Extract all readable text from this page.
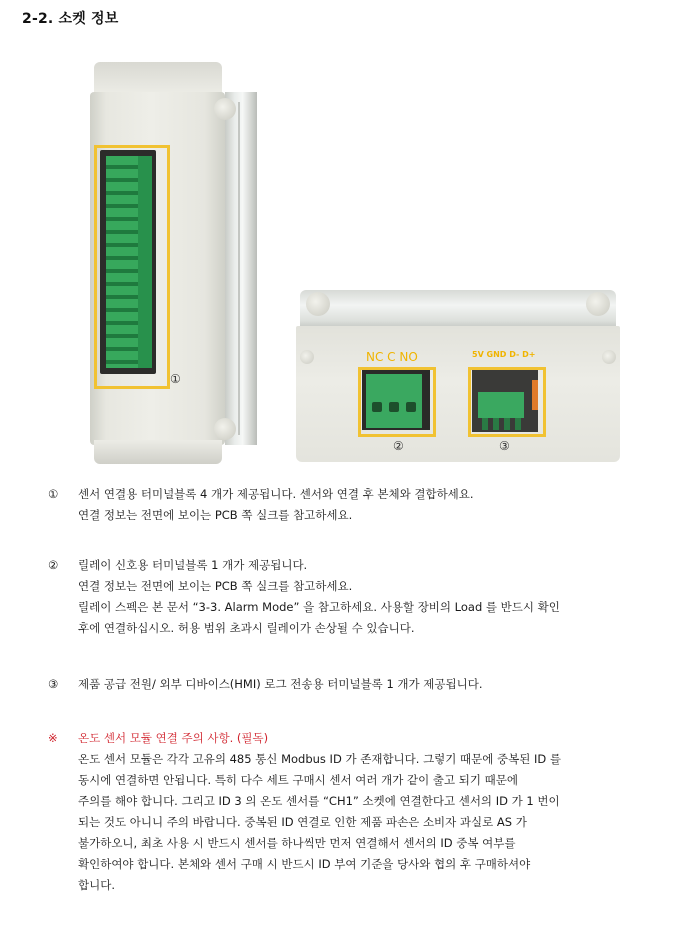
2-2. 소켓 정보
①
NC C NO	5V GND D- D+
②	③
① 센서 연결용 터미널블록 4 개가 제공됩니다. 센서와 연결 후 본체와 결합하세요.
연결 정보는 전면에 보이는 PCB 쪽 실크를 참고하세요.
② 릴레이 신호용 터미널블록 1 개가 제공됩니다.
연결 정보는 전면에 보이는 PCB 쪽 실크를 참고하세요.
릴레이 스펙은 본 문서 “3-3. Alarm Mode” 을 참고하세요. 사용할 장비의 Load 를 반드시 확인
후에 연결하십시오. 허용 범위 초과시 릴레이가 손상될 수 있습니다.
③ 제품 공급 전원/ 외부 디바이스(HMI) 로그 전송용 터미널블록 1 개가 제공됩니다.
※ 온도 센서 모듈 연결 주의 사항. (필독)
온도 센서 모듈은 각각 고유의 485 통신 Modbus ID 가 존재합니다. 그렇기 때문에 중복된 ID 를
동시에 연결하면 안됩니다. 특히 다수 세트 구매시 센서 여러 개가 같이 출고 되기 때문에
주의를 해야 합니다. 그리고 ID 3 의 온도 센서를 “CH1” 소켓에 연결한다고 센서의 ID 가 1 번이
되는 것도 아니니 주의 바랍니다. 중복된 ID 연결로 인한 제품 파손은 소비자 과실로 AS 가
불가하오니, 최초 사용 시 반드시 센서를 하나씩만 먼저 연결해서 센서의 ID 중복 여부를
확인하여야 합니다. 본체와 센서 구매 시 반드시 ID 부여 기준을 당사와 협의 후 구매하셔야
합니다.
